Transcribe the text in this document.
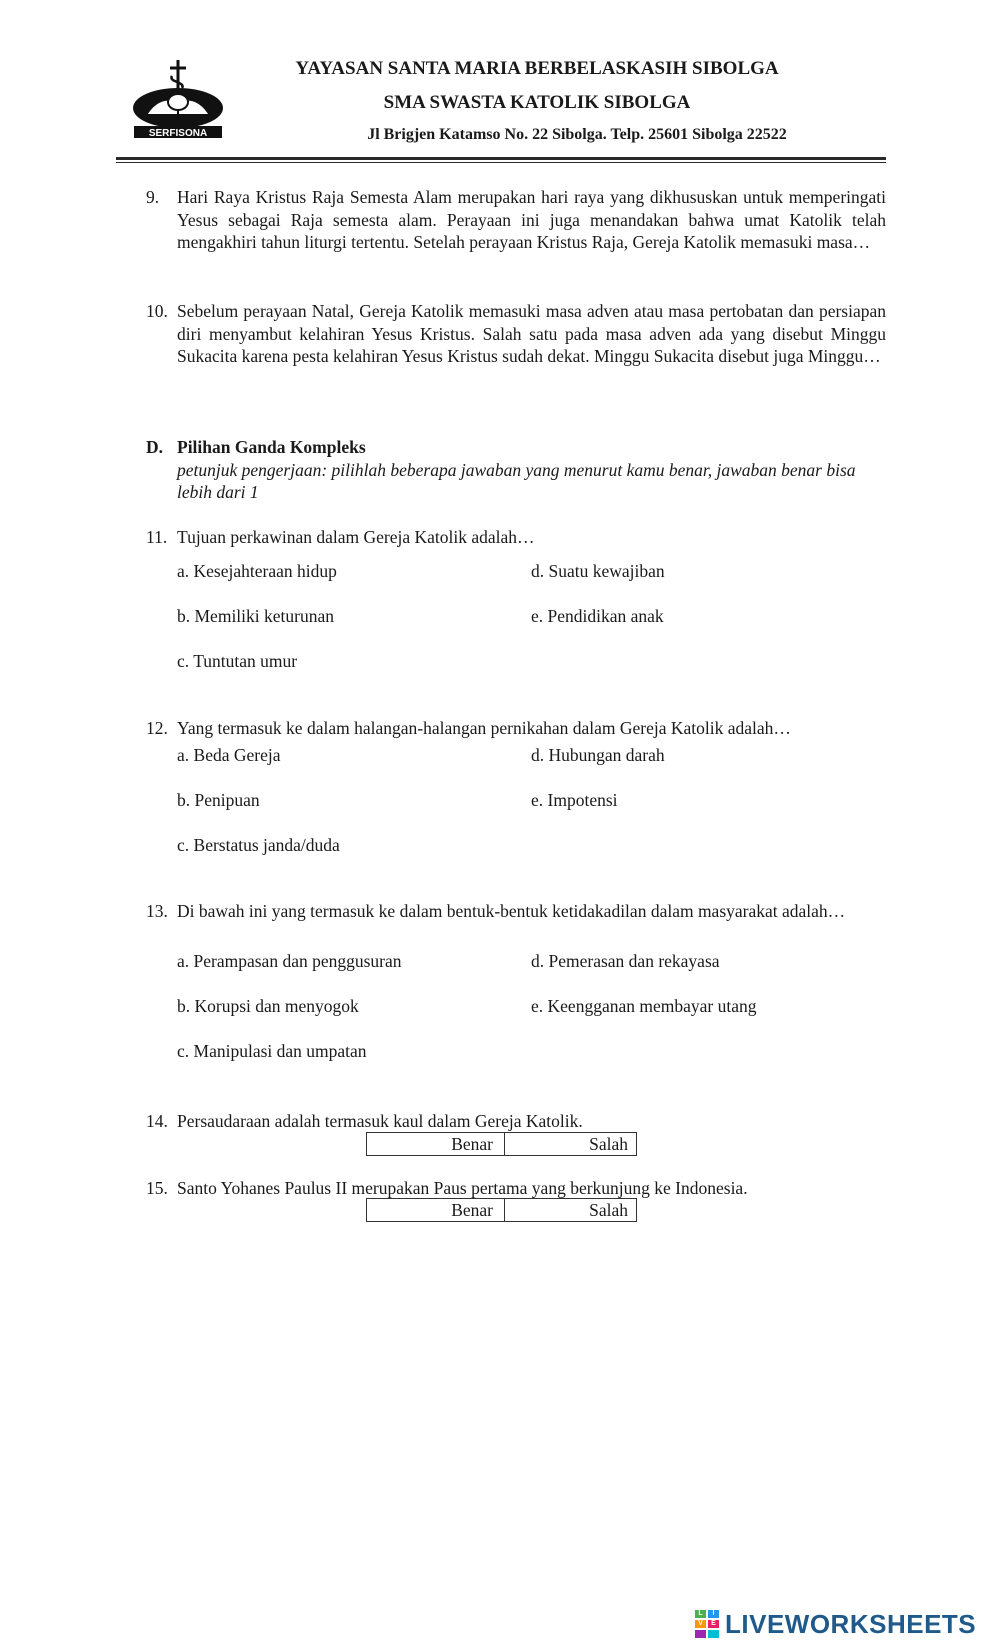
SERFISONA
YAYASAN SANTA MARIA BERBELASKASIH SIBOLGA
SMA SWASTA KATOLIK SIBOLGA
Jl Brigjen Katamso No. 22 Sibolga. Telp. 25601 Sibolga 22522
9. Hari Raya Kristus Raja Semesta Alam merupakan hari raya yang dikhususkan untuk memperingati Yesus sebagai Raja semesta alam. Perayaan ini juga menandakan bahwa umat Katolik telah mengakhiri tahun liturgi tertentu. Setelah perayaan Kristus Raja, Gereja Katolik memasuki masa…
10. Sebelum perayaan Natal, Gereja Katolik memasuki masa adven atau masa pertobatan dan persiapan diri menyambut kelahiran Yesus Kristus. Salah satu pada masa adven ada yang disebut Minggu Sukacita karena pesta kelahiran Yesus Kristus sudah dekat. Minggu Sukacita disebut juga Minggu…
D. Pilihan Ganda Kompleks
petunjuk pengerjaan: pilihlah beberapa jawaban yang menurut kamu benar, jawaban benar bisa lebih dari 1
11. Tujuan perkawinan dalam Gereja Katolik adalah…
a. Kesejahteraan hidup
b. Memiliki keturunan
c. Tuntutan umur
d. Suatu kewajiban
e. Pendidikan anak
12. Yang termasuk ke dalam halangan-halangan pernikahan dalam Gereja Katolik adalah…
a. Beda Gereja
b. Penipuan
c. Berstatus janda/duda
d. Hubungan darah
e. Impotensi
13. Di bawah ini yang termasuk ke dalam bentuk-bentuk ketidakadilan dalam masyarakat adalah…
a. Perampasan dan penggusuran
b. Korupsi dan menyogok
c. Manipulasi dan umpatan
d. Pemerasan dan rekayasa
e. Keengganan membayar utang
14. Persaudaraan adalah termasuk kaul dalam Gereja Katolik.
Benar	Salah
15. Santo Yohanes Paulus II merupakan Paus pertama yang berkunjung ke Indonesia.
Benar	Salah
L	I
V	E LIVEWORKSHEETS
